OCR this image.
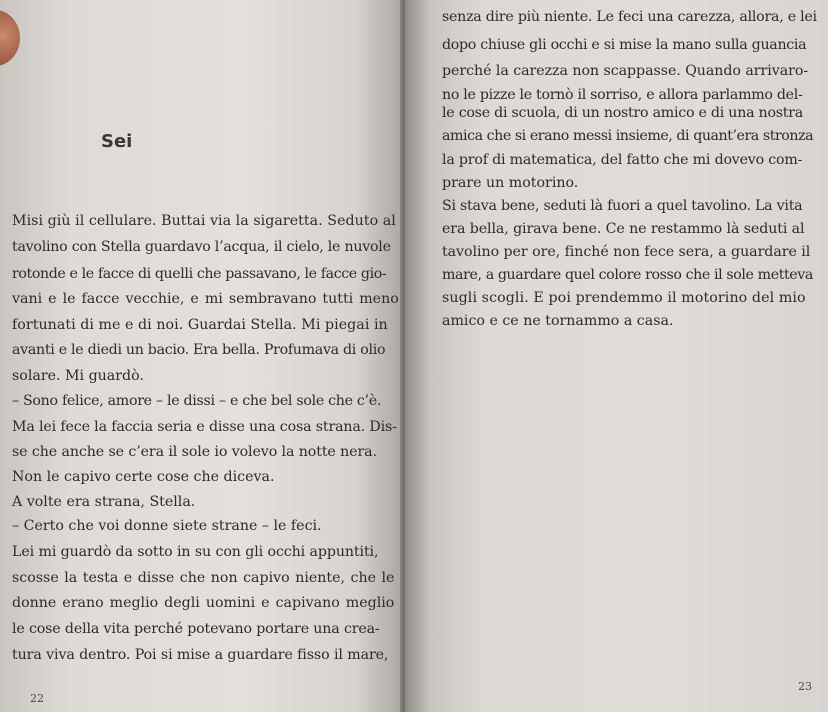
Sei
Misi giù il cellulare. Buttai via la sigaretta. Seduto al
tavolino con Stella guardavo l’acqua, il cielo, le nuvole
rotonde e le facce di quelli che passavano, le facce gio-
vani e le facce vecchie, e mi sembravano tutti meno
fortunati di me e di noi. Guardai Stella. Mi piegai in
avanti e le diedi un bacio. Era bella. Profumava di olio
solare. Mi guardò.
– Sono felice, amore – le dissi – e che bel sole che c’è.
Ma lei fece la faccia seria e disse una cosa strana. Dis-
se che anche se c’era il sole io volevo la notte nera.
Non le capivo certe cose che diceva.
A volte era strana, Stella.
– Certo che voi donne siete strane – le feci.
Lei mi guardò da sotto in su con gli occhi appuntiti,
scosse la testa e disse che non capivo niente, che le
donne erano meglio degli uomini e capivano meglio
le cose della vita perché potevano portare una crea-
tura viva dentro. Poi si mise a guardare fisso il mare,
22
senza dire più niente. Le feci una carezza, allora, e lei
dopo chiuse gli occhi e si mise la mano sulla guancia
perché la carezza non scappasse. Quando arrivaro-
no le pizze le tornò il sorriso, e allora parlammo del-
le cose di scuola, di un nostro amico e di una nostra
amica che si erano messi insieme, di quant’era stronza
la prof di matematica, del fatto che mi dovevo com-
prare un motorino.
Si stava bene, seduti là fuori a quel tavolino. La vita
era bella, girava bene. Ce ne restammo là seduti al
tavolino per ore, finché non fece sera, a guardare il
mare, a guardare quel colore rosso che il sole metteva
sugli scogli. E poi prendemmo il motorino del mio
amico e ce ne tornammo a casa.
23
